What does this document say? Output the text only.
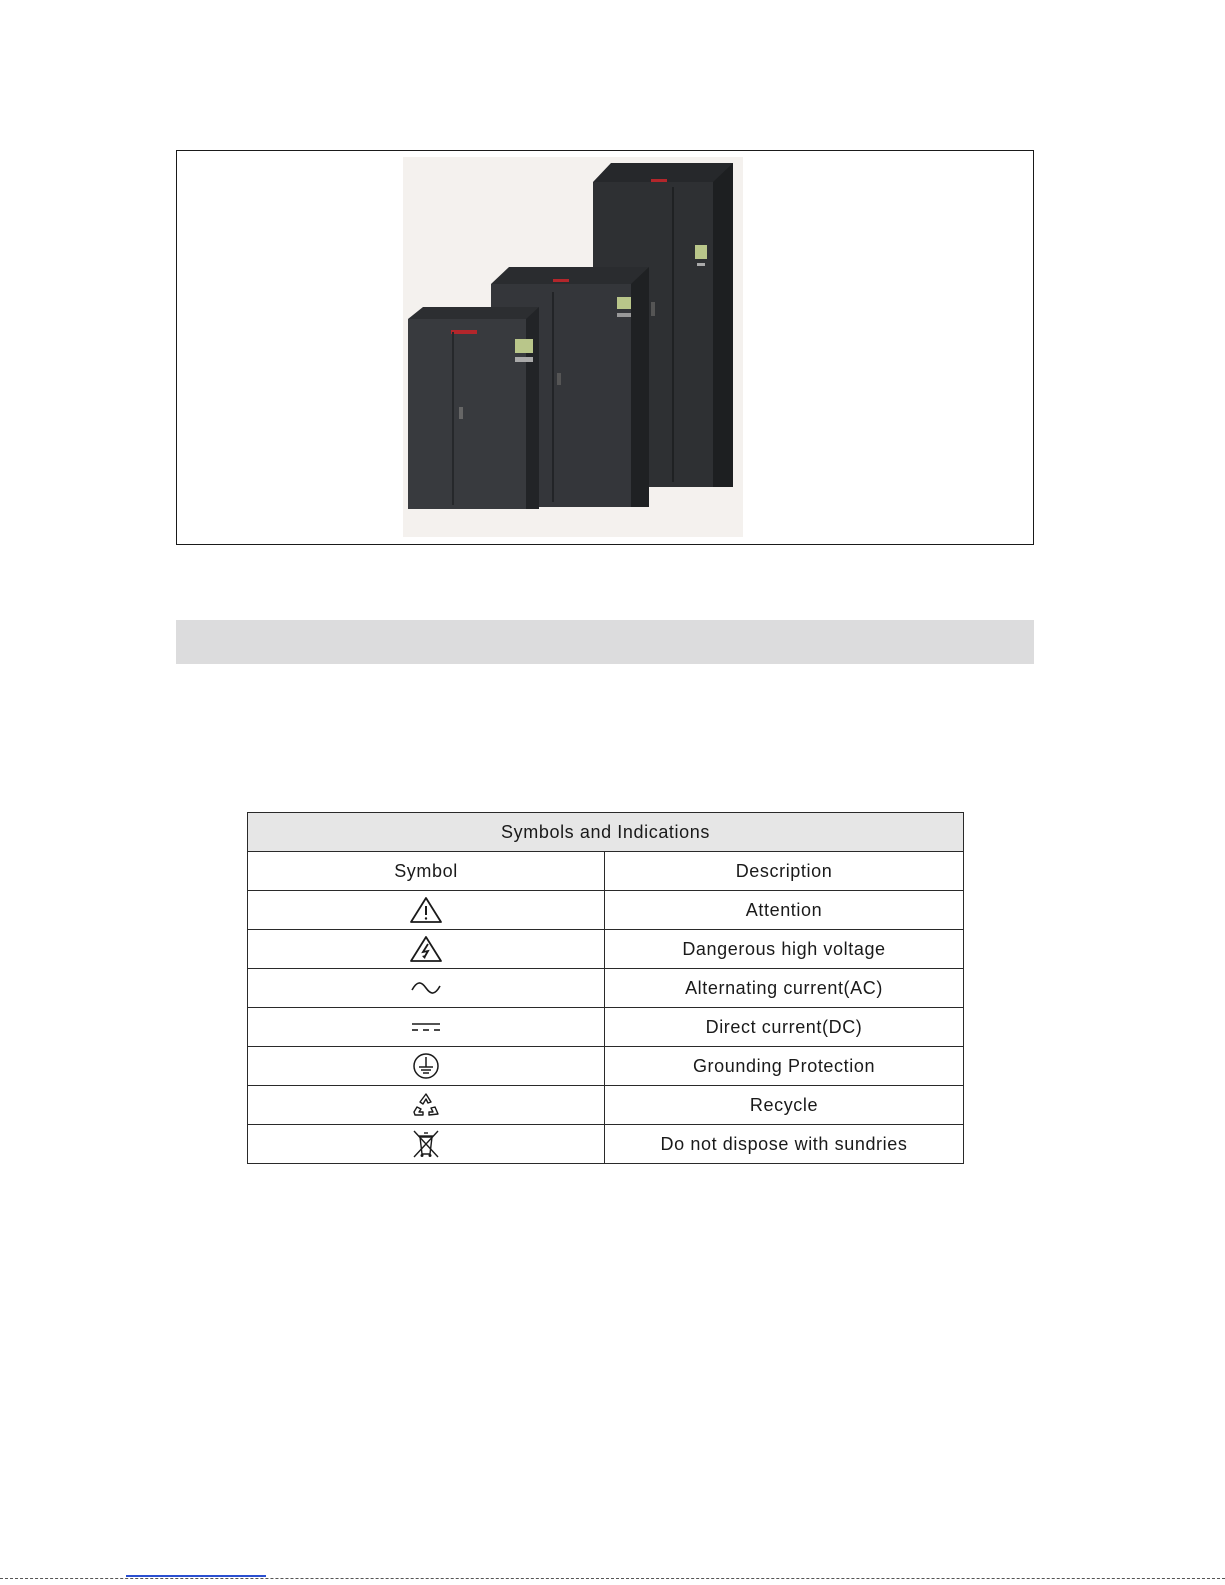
Symbols and Indications	
Symbol	Description

	Attention

	Dangerous high voltage

	Alternating current(AC)

	Direct current(DC)

	Grounding Protection

	Recycle

	Do not dispose with sundries
